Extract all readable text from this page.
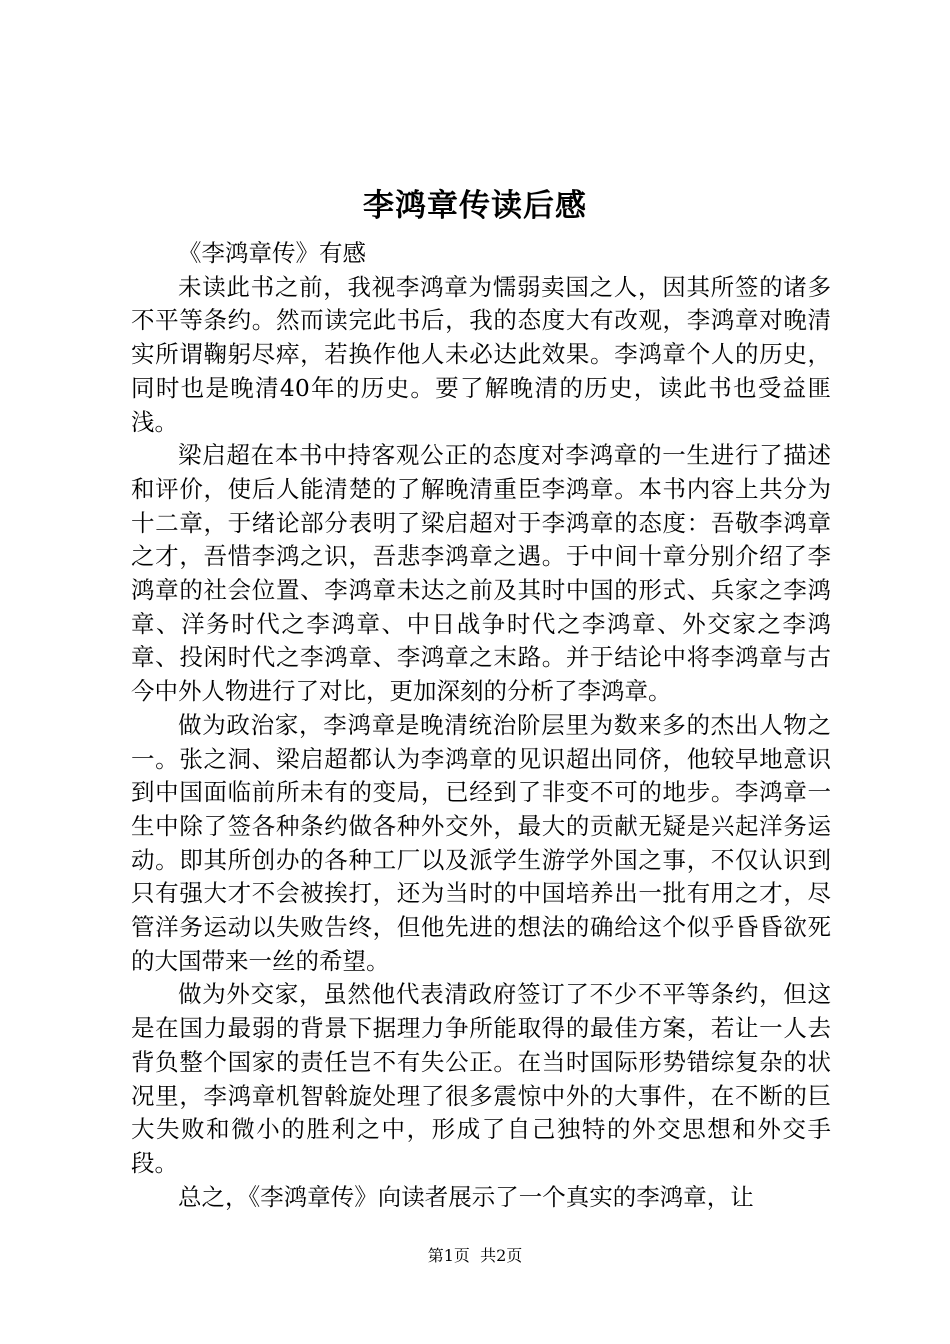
李鸿章传读后感

《李鸿章传》有感

未读此书之前，我视李鸿章为懦弱卖国之人，因其所签的诸多不平等条约。然而读完此书后，我的态度大有改观，李鸿章对晚清实所谓鞠躬尽瘁，若换作他人未必达此效果。李鸿章个人的历史，同时也是晚清40年的历史。要了解晚清的历史，读此书也受益匪浅。

梁启超在本书中持客观公正的态度对李鸿章的一生进行了描述和评价，使后人能清楚的了解晚清重臣李鸿章。本书内容上共分为十二章，于绪论部分表明了梁启超对于李鸿章的态度：吾敬李鸿章之才，吾惜李鸿之识，吾悲李鸿章之遇。于中间十章分别介绍了李鸿章的社会位置、李鸿章未达之前及其时中国的形式、兵家之李鸿章、洋务时代之李鸿章、中日战争时代之李鸿章、外交家之李鸿章、投闲时代之李鸿章、李鸿章之末路。并于结论中将李鸿章与古今中外人物进行了对比，更加深刻的分析了李鸿章。

做为政治家，李鸿章是晚清统治阶层里为数来多的杰出人物之一。张之洞、梁启超都认为李鸿章的见识超出同侪，他较早地意识到中国面临前所未有的变局，已经到了非变不可的地步。李鸿章一生中除了签各种条约做各种外交外，最大的贡献无疑是兴起洋务运动。即其所创办的各种工厂以及派学生游学外国之事，不仅认识到只有强大才不会被挨打，还为当时的中国培养出一批有用之才，尽管洋务运动以失败告终，但他先进的想法的确给这个似乎昏昏欲死的大国带来一丝的希望。

做为外交家，虽然他代表清政府签订了不少不平等条约，但这是在国力最弱的背景下据理力争所能取得的最佳方案，若让一人去背负整个国家的责任岂不有失公正。在当时国际形势错综复杂的状况里，李鸿章机智斡旋处理了很多震惊中外的大事件，在不断的巨大失败和微小的胜利之中，形成了自己独特的外交思想和外交手段。

总之，《李鸿章传》向读者展示了一个真实的李鸿章，让

第1页  共2页
